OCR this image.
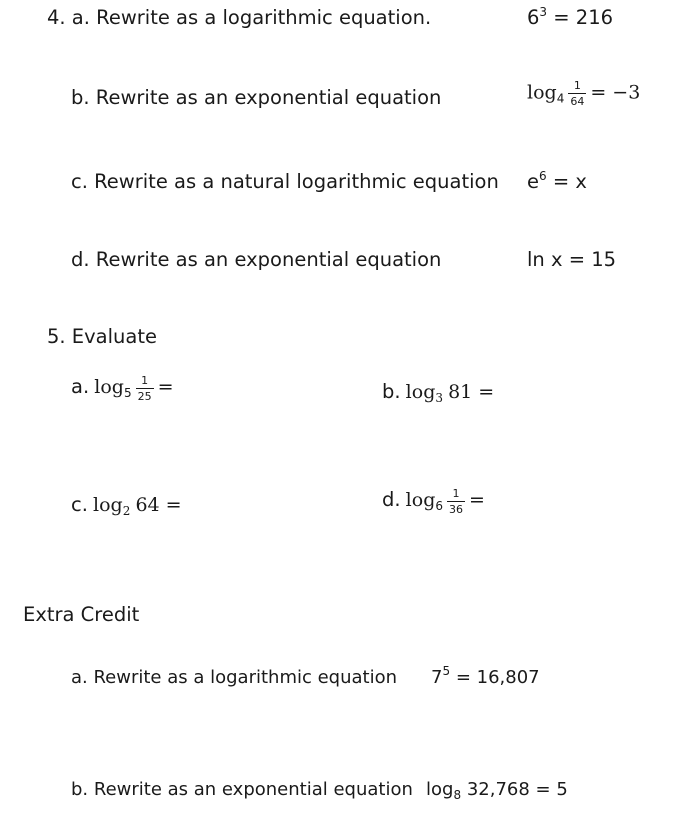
4. a. Rewrite as a logarithmic equation.	$6^3 = 216$
b. Rewrite as an exponential equation	$\log_4 \frac{1}{64} = -3$
c. Rewrite as a natural logarithmic equation $e^6 = x$
d. Rewrite as an exponential equation	ln x = 15
5. Evaluate
a. $\log_5 \frac{1}{25}$ =	b. $\log_3 81$ =
c. $\log_2 64$ =	d. $\log_6 \frac{1}{36}$ =
Extra Credit
a. Rewrite as a logarithmic equation $7^5 = 16,807$
b. Rewrite as an exponential equation $\log_8 32,768 = 5$
